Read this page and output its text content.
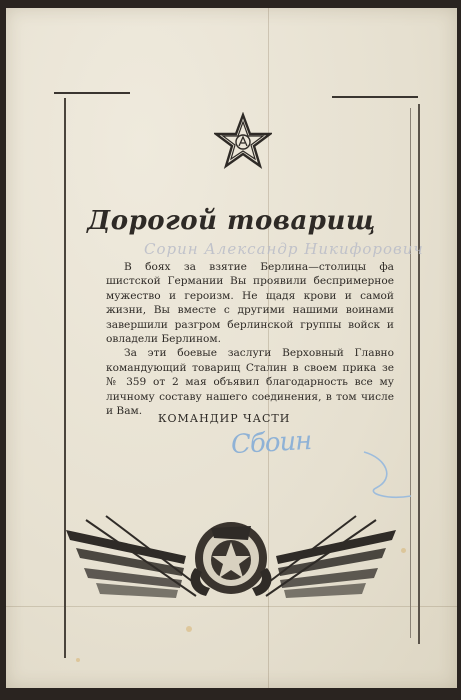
Дорогой товарищ
Сорин Александр Никифорович

В боях за взятие Берлина—столицы фа шистской Германии Вы проявили беспримерное мужество и героизм. Не щадя крови и самой жизни, Вы вместе с другими нашими воинами завершили разгром берлинской группы войск и овладели Берлином.

За эти боевые заслуги Верховный Главно командующий товарищ Сталин в своем прика зе № 359 от 2 мая объявил благодарность все му личному составу нашего соединения, в том числе и Вам.

КОМАНДИР ЧАСТИ
Сбоин
